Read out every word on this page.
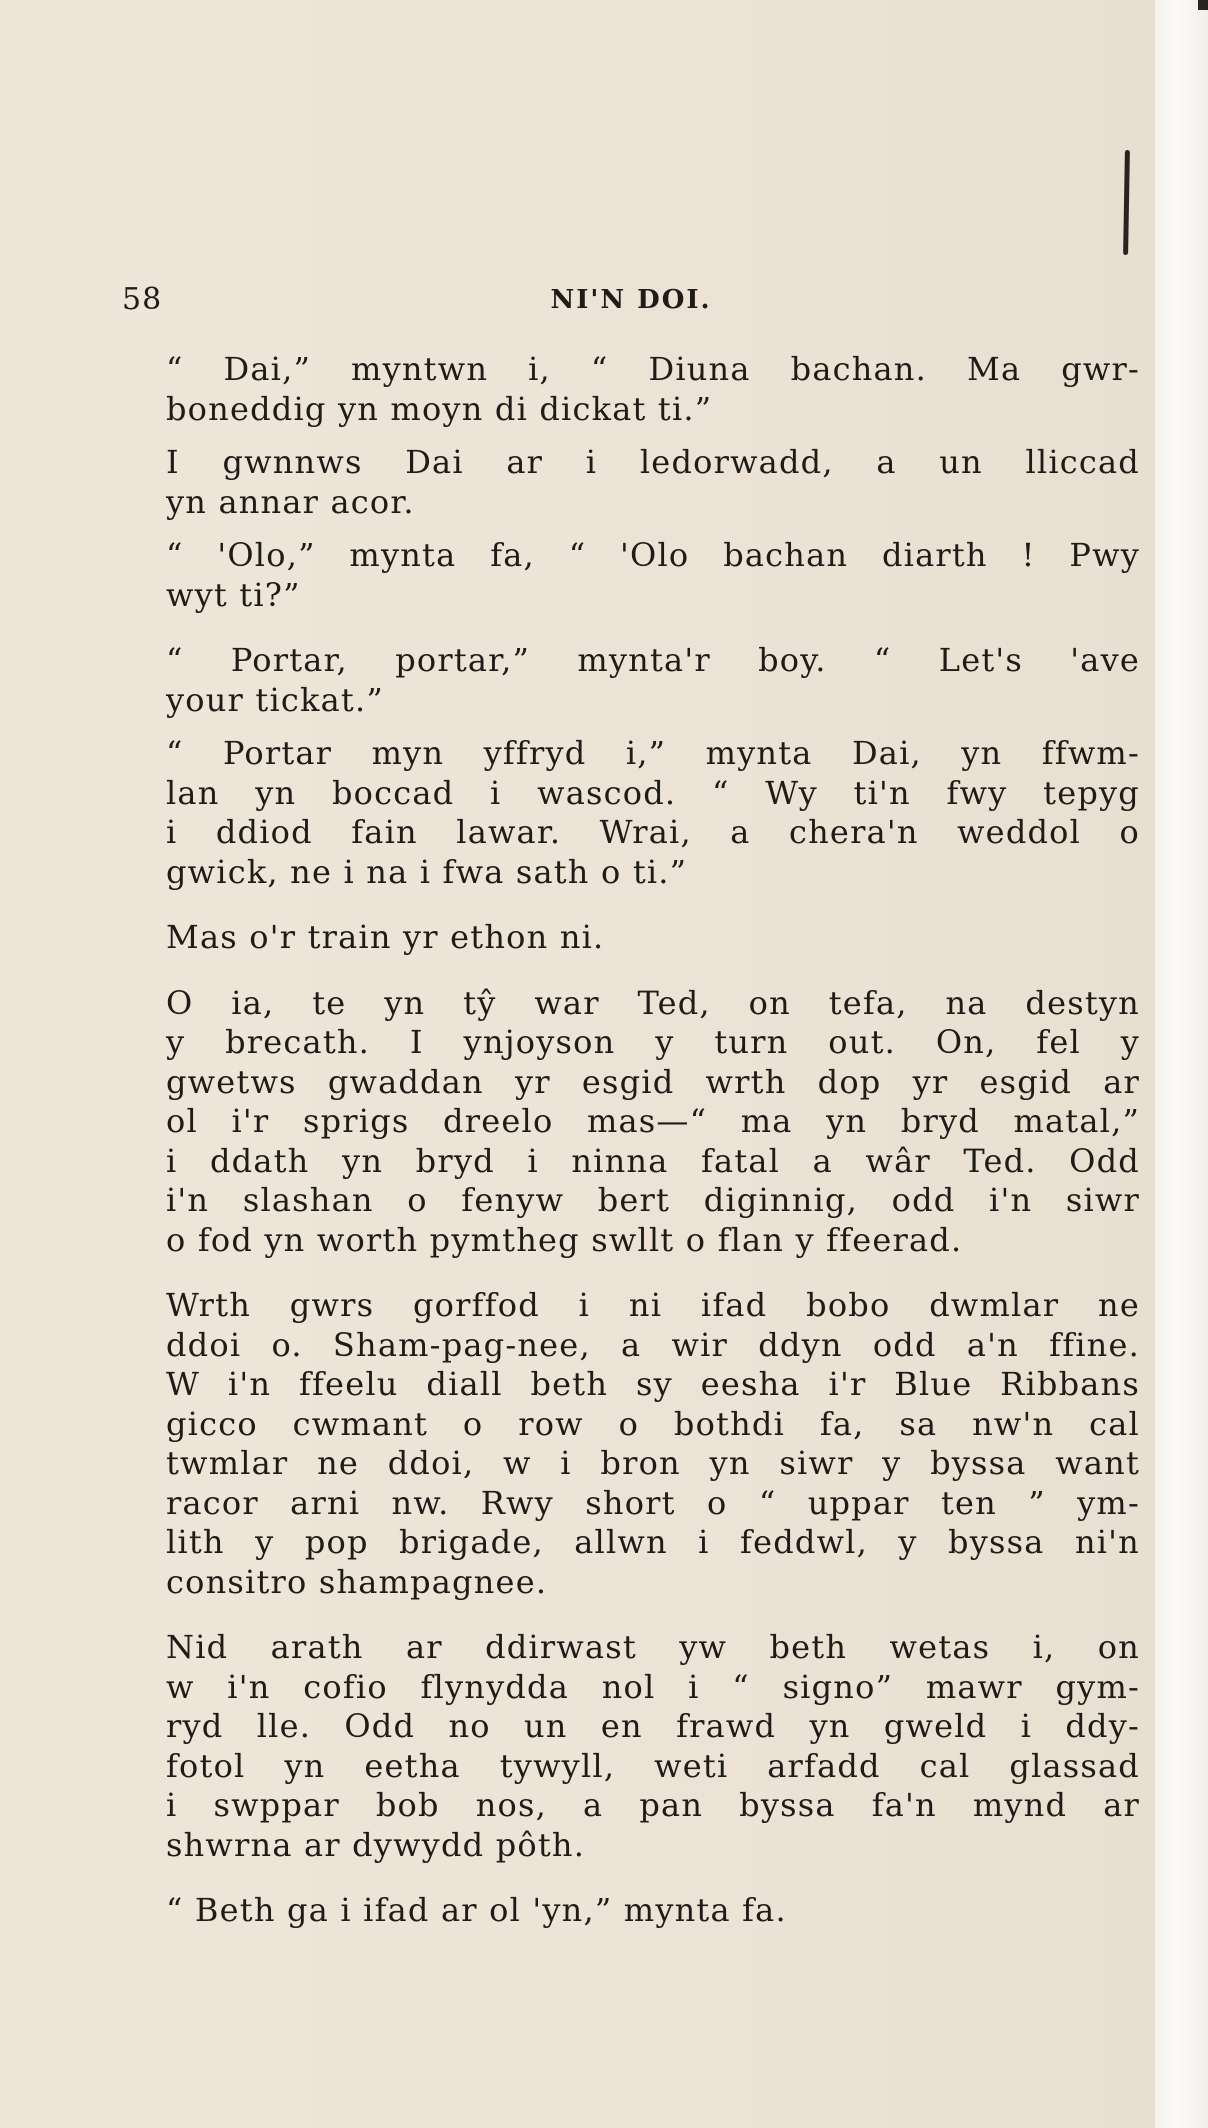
58	NI'N DOI.

“ Dai,” myntwn i, “ Diuna bachan. Ma gwr-
boneddig yn moyn di dickat ti.”

I gwnnws Dai ar i ledorwadd, a un lliccad
yn annar acor.

“ 'Olo,” mynta fa, “ 'Olo bachan diarth ! Pwy
wyt ti?”

“ Portar, portar,” mynta'r boy. “ Let's 'ave
your tickat.”

“ Portar myn yffryd i,” mynta Dai, yn ffwm-
lan yn boccad i wascod. “ Wy ti'n fwy tepyg
i ddiod fain lawar. Wrai, a chera'n weddol o
gwick, ne i na i fwa sath o ti.”

Mas o'r train yr ethon ni.

O ia, te yn tŷ war Ted, on tefa, na destyn
y brecath. I ynjoyson y turn out. On, fel y
gwetws gwaddan yr esgid wrth dop yr esgid ar
ol i'r sprigs dreelo mas—“ ma yn bryd matal,”
i ddath yn bryd i ninna fatal a wâr Ted. Odd
i'n slashan o fenyw bert diginnig, odd i'n siwr
o fod yn worth pymtheg swllt o flan y ffeerad.

Wrth gwrs gorffod i ni ifad bobo dwmlar ne
ddoi o. Sham-pag-nee, a wir ddyn odd a'n ffine.
W i'n ffeelu diall beth sy eesha i'r Blue Ribbans
gicco cwmant o row o bothdi fa, sa nw'n cal
twmlar ne ddoi, w i bron yn siwr y byssa want
racor arni nw. Rwy short o “ uppar ten ” ym-
lith y pop brigade, allwn i feddwl, y byssa ni'n
consitro shampagnee.

Nid arath ar ddirwast yw beth wetas i, on
w i'n cofio flynydda nol i “ signo” mawr gym-
ryd lle. Odd no un en frawd yn gweld i ddy-
fotol yn eetha tywyll, weti arfadd cal glassad
i swppar bob nos, a pan byssa fa'n mynd ar
shwrna ar dywydd pôth.

“ Beth ga i ifad ar ol 'yn,” mynta fa.
